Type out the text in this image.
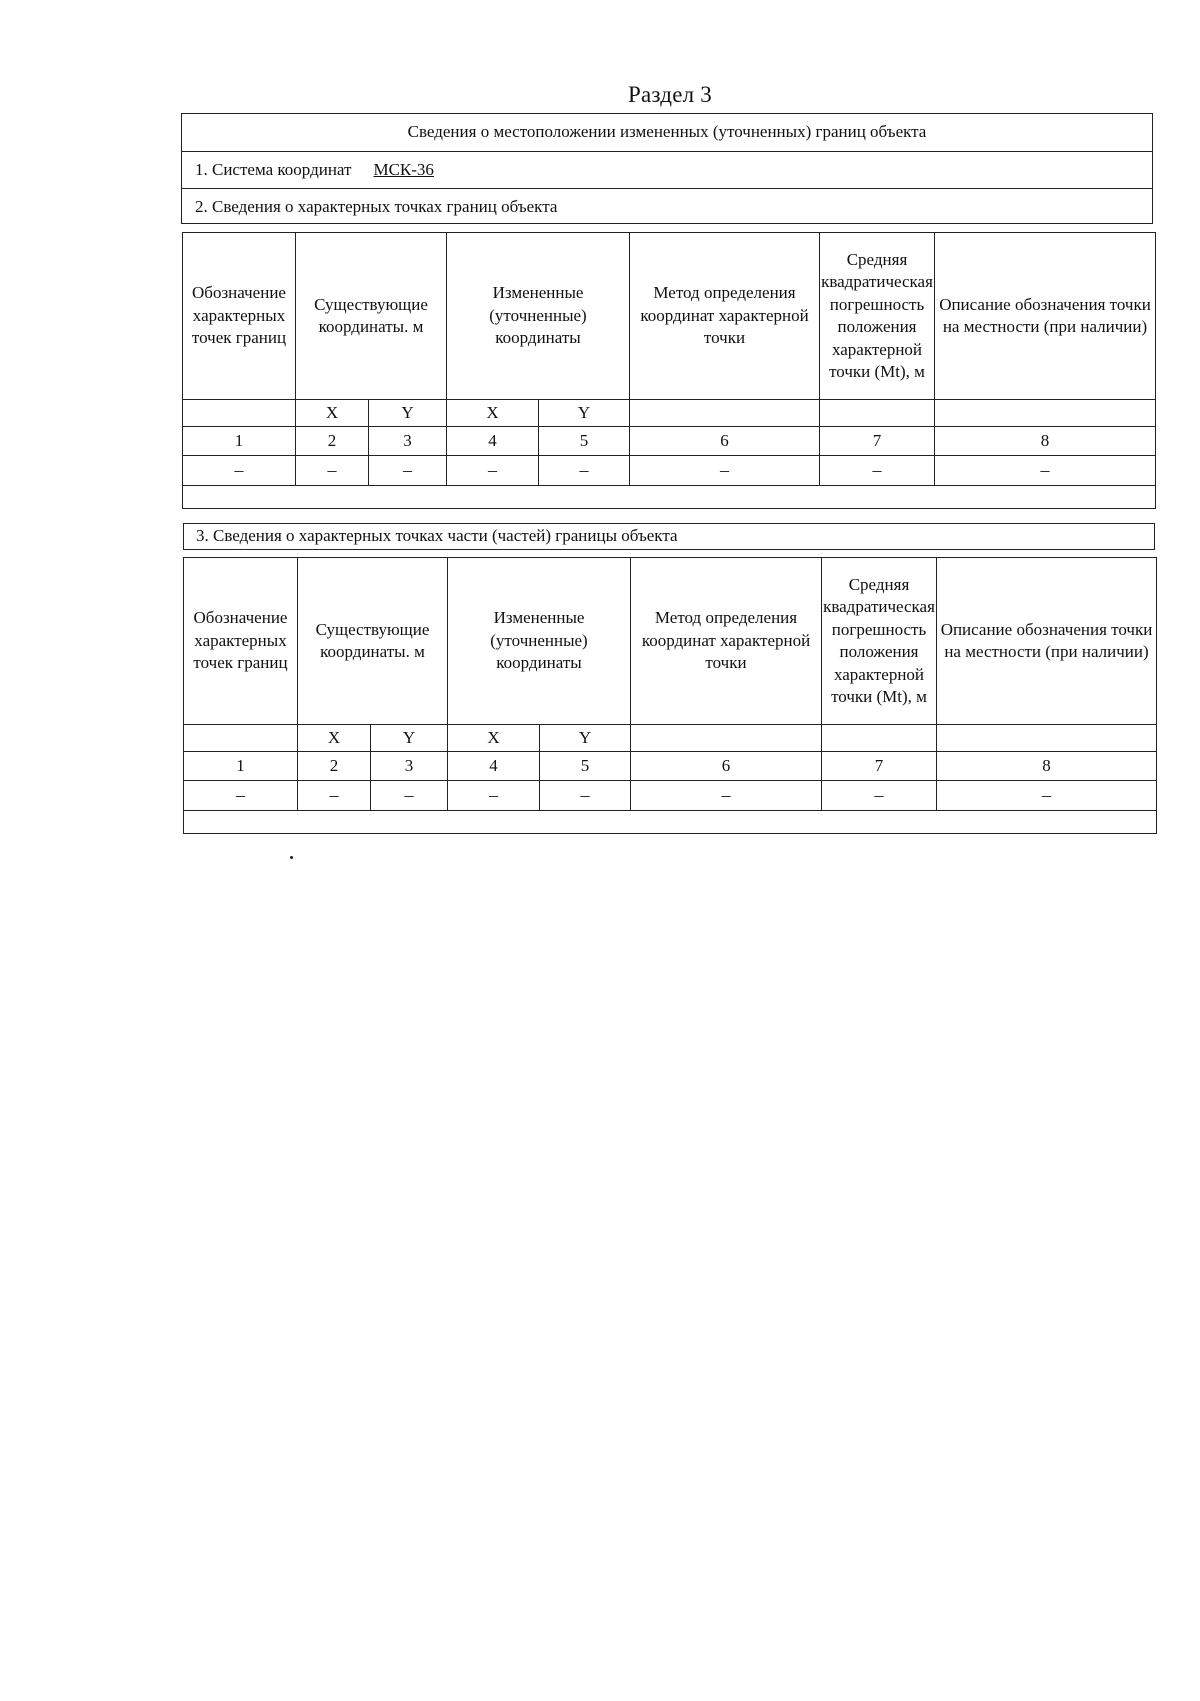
Раздел 3
Сведения о местоположении измененных (уточненных) границ объекта
1. Система координат МСК-36
2. Сведения о характерных точках границ объекта
Обозначение характерных точек границ	Существующие координаты. м		Измененные (уточненные) координаты		Метод определения координат характерной точки	Средняя квадратическая погрешность положения характерной точки (Mt), м	Описание обозначения точки на местности (при наличии)
	X	Y	X	Y			
1	2	3	4	5	6	7	8
–	–	–	–	–	–	–	–

3. Сведения о характерных точках части (частей) границы объекта
Обозначение характерных точек границ	Существующие координаты. м		Измененные (уточненные) координаты		Метод определения координат характерной точки	Средняя квадратическая погрешность положения характерной точки (Mt), м	Описание обозначения точки на местности (при наличии)
	X	Y	X	Y			
1	2	3	4	5	6	7	8
–	–	–	–	–	–	–	–
